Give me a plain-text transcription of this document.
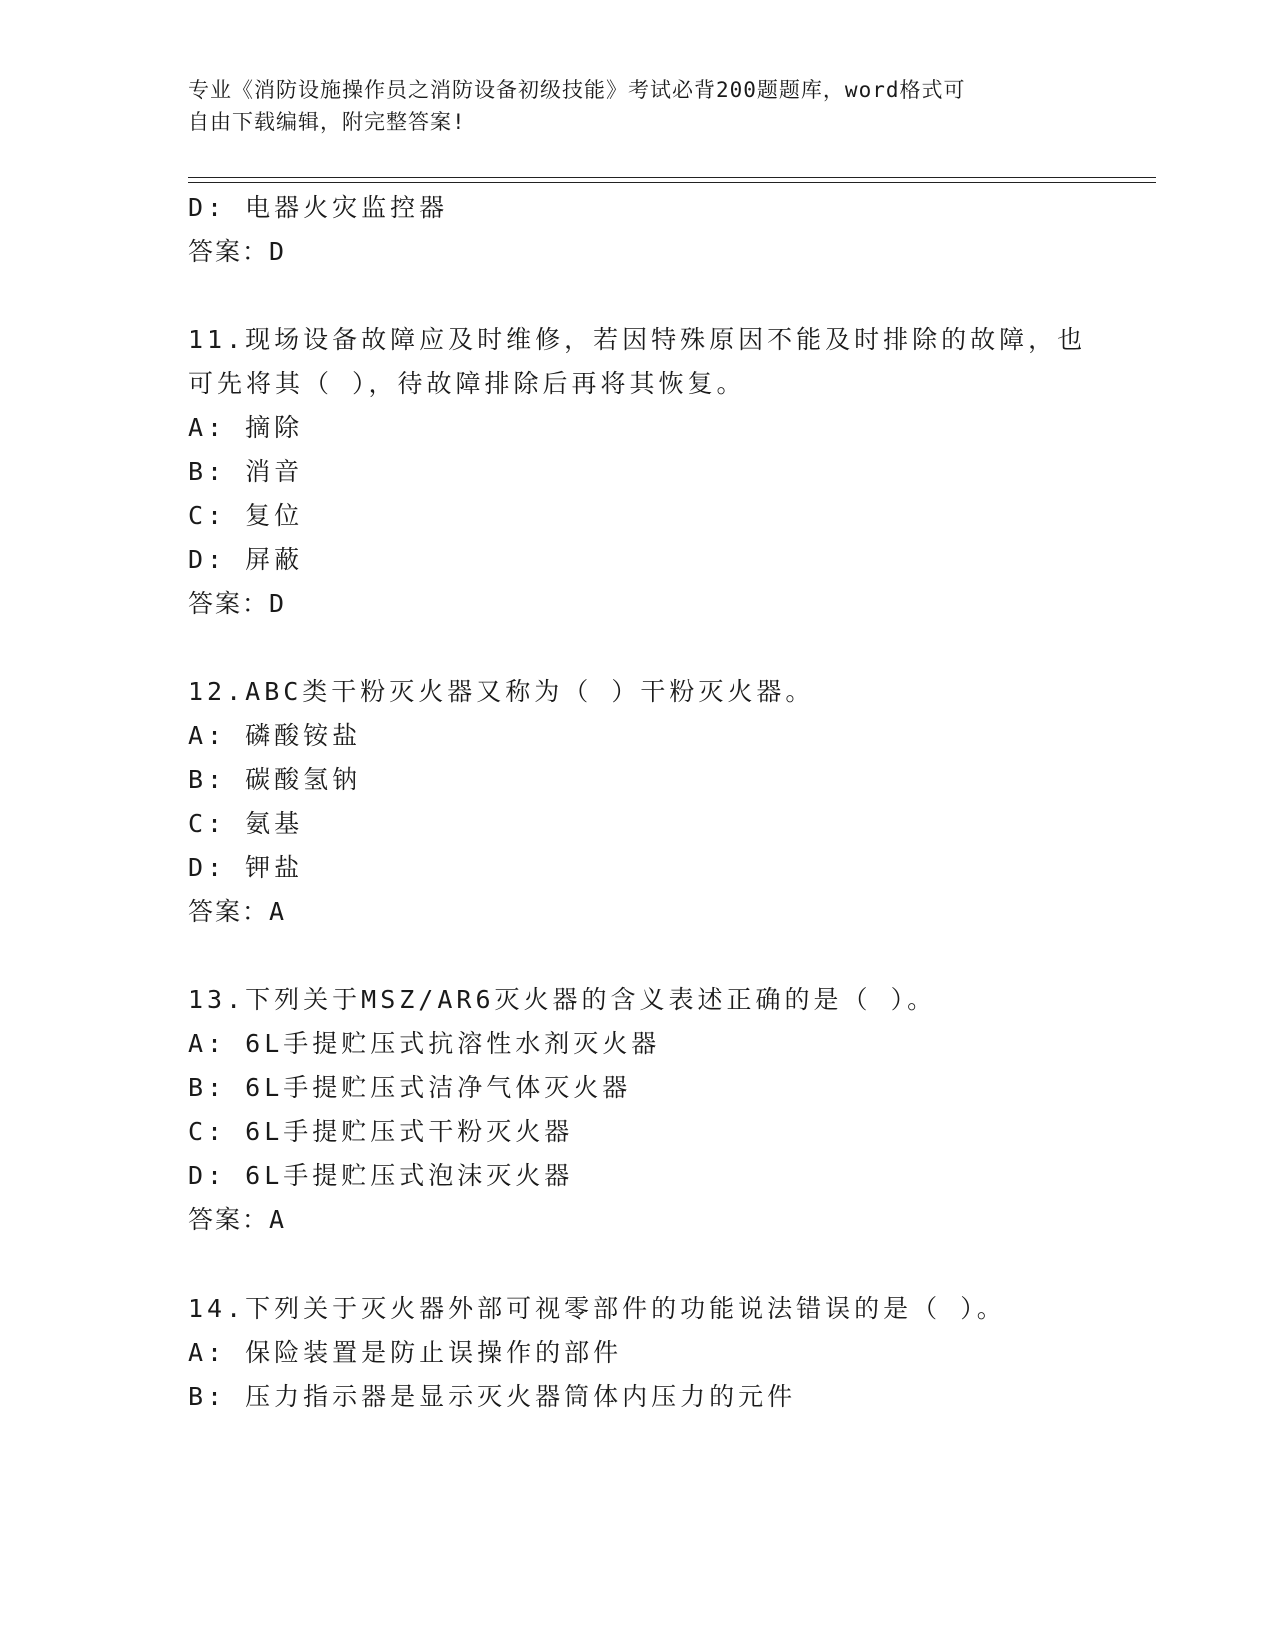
专业《消防设施操作员之消防设备初级技能》考试必背200题题库，word格式可
自由下载编辑，附完整答案!
D: 电器火灾监控器
答案：D
11.现场设备故障应及时维修，若因特殊原因不能及时排除的故障，也
可先将其（ ），待故障排除后再将其恢复。
A: 摘除
B: 消音
C: 复位
D: 屏蔽
答案：D
12.ABC类干粉灭火器又称为（ ）干粉灭火器。
A: 磷酸铵盐
B: 碳酸氢钠
C: 氨基
D: 钾盐
答案：A
13.下列关于MSZ/AR6灭火器的含义表述正确的是（ ）。
A: 6L手提贮压式抗溶性水剂灭火器
B: 6L手提贮压式洁净气体灭火器
C: 6L手提贮压式干粉灭火器
D: 6L手提贮压式泡沫灭火器
答案：A
14.下列关于灭火器外部可视零部件的功能说法错误的是（ ）。
A: 保险装置是防止误操作的部件
B: 压力指示器是显示灭火器筒体内压力的元件
